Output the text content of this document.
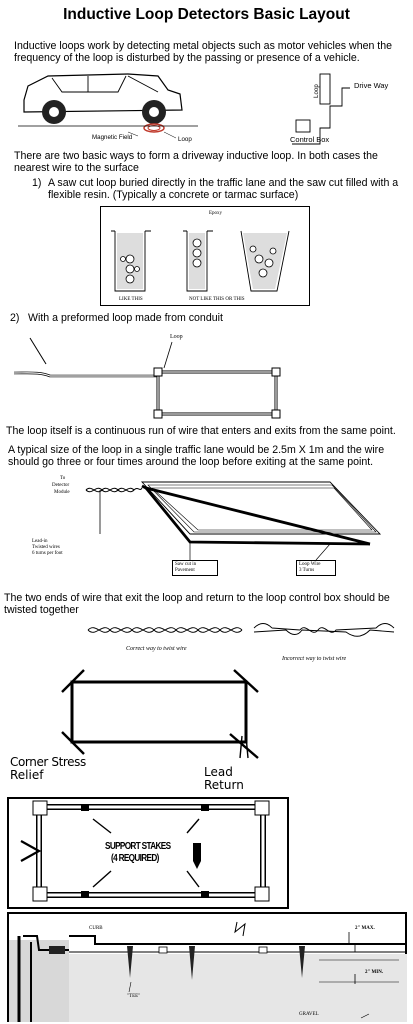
Inductive Loop Detectors Basic Layout
Inductive loops work by detecting metal objects such as motor vehicles when the frequency of the loop is disturbed by the passing or presence of a vehicle.
Magnetic Field	Loop
Loop	Drive Way
Control Box
There are two basic ways to form a driveway inductive loop. In both cases the nearest wire to the surface
1) A saw cut loop buried directly in the traffic lane and the saw cut filled with a flexible resin. (Typically a concrete or tarmac surface)
Epoxy
LIKE THIS	NOT LIKE THIS OR THIS
2) With a preformed loop made from conduit
Loop
The loop itself is a continuous run of wire that enters and exits from the same point.
A typical size of the loop in a single traffic lane would be 2.5m X 1m and the wire should go three or four times around the loop before exiting at the same point.
To
Detector
Module
Lead-in
Twisted wires
6 turns per foot
Saw cut in
Pavement
Loop Wire
3 Turns
The two ends of wire that exit the loop and return to the loop control box should be twisted together
Correct way to twist wire
Incorrect way to twist wire
Corner Stress
Relief	Lead
Return
SUPPORT STAKES
(4 REQUIRED)
CURB	2" MAX.
2" MIN.
"TEE"
GRAVEL
